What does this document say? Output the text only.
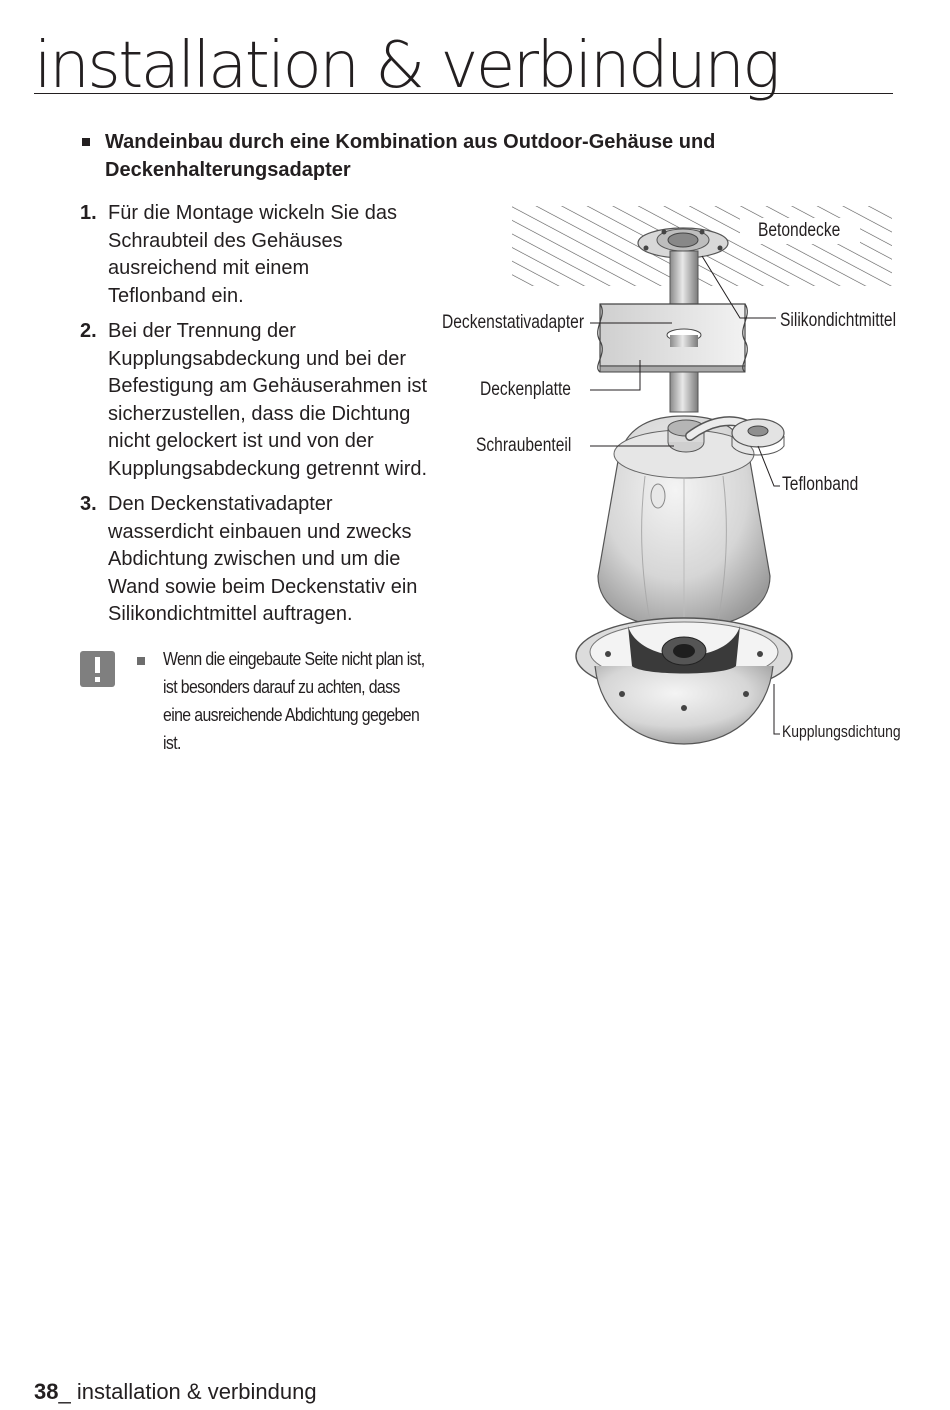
installation & verbindung
Wandeinbau durch eine Kombination aus Outdoor-Gehäuse und Deckenhalterungsadapter
1. Für die Montage wickeln Sie das Schraubteil des Gehäuses ausreichend mit einem Teflonband ein.
2. Bei der Trennung der Kupplungsabdeckung und bei der Befestigung am Gehäuserahmen ist sicherzustellen, dass die Dichtung nicht gelockert ist und von der Kupplungsabdeckung getrennt wird.
3. Den Deckenstativadapter wasserdicht einbauen und zwecks Abdichtung zwischen und um die Wand sowie beim Deckenstativ ein Silikondichtmittel auftragen.
Wenn die eingebaute Seite nicht plan ist, ist besonders darauf zu achten, dass eine ausreichende Abdichtung gegeben ist.
Betondecke
Deckenstativadapter	Silikondichtmittel
Deckenplatte
Schraubenteil
Teflonband
Kupplungsdichtung
38_ installation & verbindung
